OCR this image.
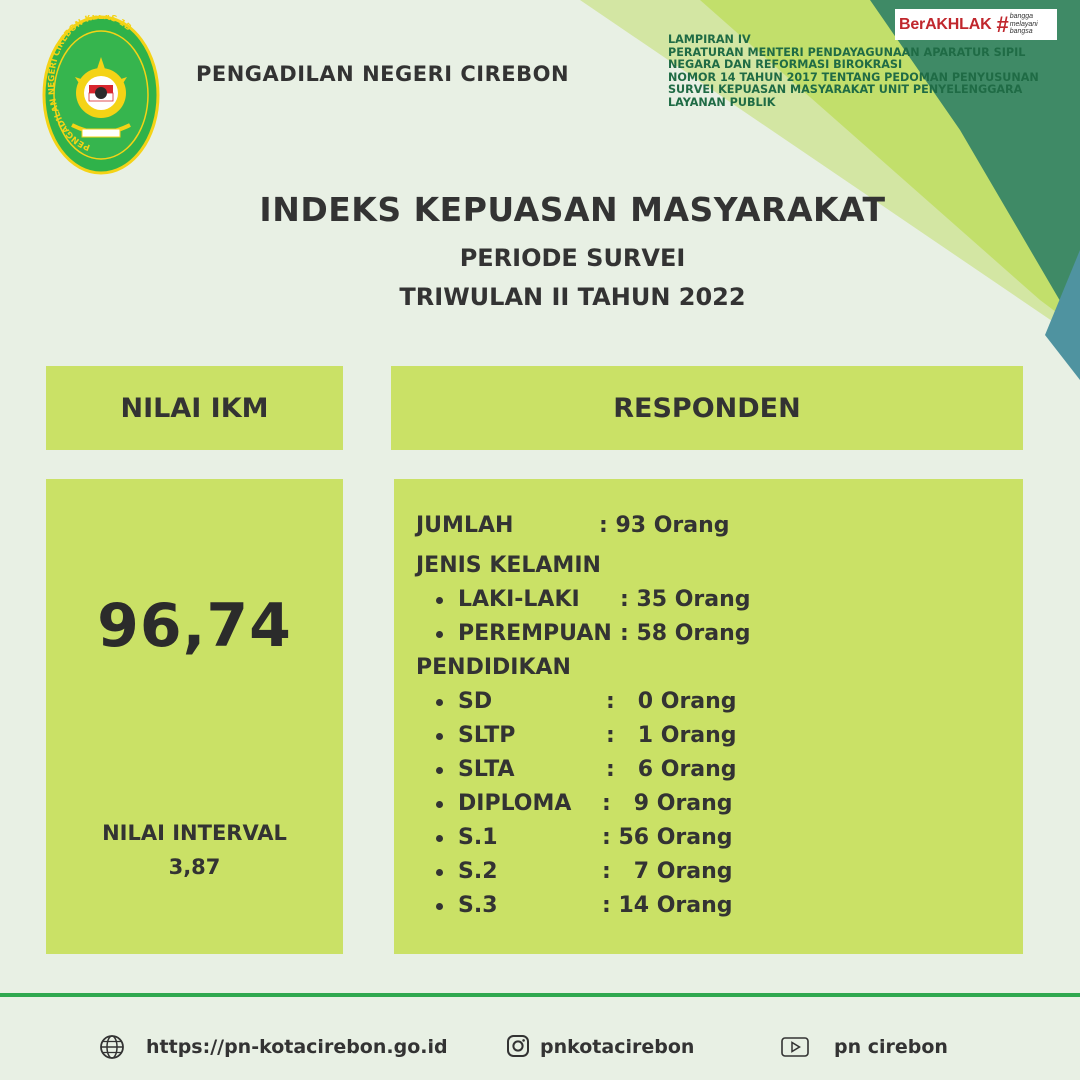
PENGADILAN NEGERI CIREBON KELAS 1B
PENGADILAN NEGERI CIREBON
BerAKHLAK # bangga
melayani
bangsa
LAMPIRAN IV
PERATURAN MENTERI PENDAYAGUNAAN APARATUR SIPIL
NEGARA DAN REFORMASI BIROKRASI
NOMOR 14 TAHUN 2017 TENTANG PEDOMAN PENYUSUNAN
SURVEI KEPUASAN MASYARAKAT UNIT PENYELENGGARA
LAYANAN PUBLIK
INDEKS KEPUASAN MASYARAKAT
PERIODE SURVEI
TRIWULAN II TAHUN 2022
NILAI IKM	RESPONDEN
96,74
NILAI INTERVAL
3,87
JUMLAH	: 93 Orang
JENIS KELAMIN
LAKI-LAKI : 35 Orang
PEREMPUAN : 58 Orang
PENDIDIKAN
SD	:   0 Orang
SLTP	:   1 Orang
SLTA	:   6 Orang
DIPLOMA :   9 Orang
S.1	: 56 Orang
S.2	:   7 Orang
S.3	: 14 Orang
https://pn-kotacirebon.go.id	pnkotacirebon	pn cirebon
